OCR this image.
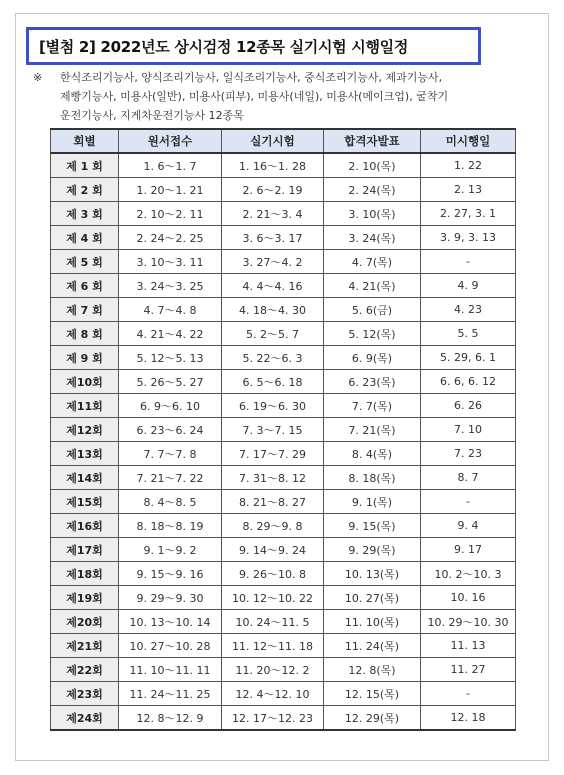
[별첨 2] 2022년도 상시검정 12종목 실기시험 시행일정
※	한식조리기능사, 양식조리기능사, 일식조리기능사, 중식조리기능사, 제과기능사,
제빵기능사, 미용사(일반), 미용사(피부), 미용사(네일), 미용사(메이크업), 굴착기
운전기능사, 지게차운전기능사 12종목
회별	원서접수	실기시험	합격자발표	미시행일
제 1 회	1. 6～1. 7	1. 16～1. 28	2. 10(목)	1. 22
제 2 회	1. 20～1. 21	2. 6～2. 19	2. 24(목)	2. 13
제 3 회	2. 10～2. 11	2. 21～3. 4	3. 10(목)	2. 27, 3. 1
제 4 회	2. 24～2. 25	3. 6～3. 17	3. 24(목)	3. 9, 3. 13
제 5 회	3. 10～3. 11	3. 27～4. 2	4. 7(목)	-
제 6 회	3. 24～3. 25	4. 4～4. 16	4. 21(목)	4. 9
제 7 회	4. 7～4. 8	4. 18～4. 30	5. 6(금)	4. 23
제 8 회	4. 21～4. 22	5. 2～5. 7	5. 12(목)	5. 5
제 9 회	5. 12～5. 13	5. 22～6. 3	6. 9(목)	5. 29, 6. 1
제10회	5. 26～5. 27	6. 5～6. 18	6. 23(목)	6. 6, 6. 12
제11회	6. 9～6. 10	6. 19～6. 30	7. 7(목)	6. 26
제12회	6. 23～6. 24	7. 3～7. 15	7. 21(목)	7. 10
제13회	7. 7～7. 8	7. 17～7. 29	8. 4(목)	7. 23
제14회	7. 21～7. 22	7. 31～8. 12	8. 18(목)	8. 7
제15회	8. 4～8. 5	8. 21～8. 27	9. 1(목)	-
제16회	8. 18～8. 19	8. 29～9. 8	9. 15(목)	9. 4
제17회	9. 1～9. 2	9. 14～9. 24	9. 29(목)	9. 17
제18회	9. 15～9. 16	9. 26～10. 8	10. 13(목)	10. 2～10. 3
제19회	9. 29～9. 30	10. 12～10. 22	10. 27(목)	10. 16
제20회	10. 13～10. 14	10. 24～11. 5	11. 10(목)	10. 29～10. 30
제21회	10. 27～10. 28	11. 12～11. 18	11. 24(목)	11. 13
제22회	11. 10～11. 11	11. 20～12. 2	12. 8(목)	11. 27
제23회	11. 24～11. 25	12. 4～12. 10	12. 15(목)	-
제24회	12. 8～12. 9	12. 17～12. 23	12. 29(목)	12. 18
